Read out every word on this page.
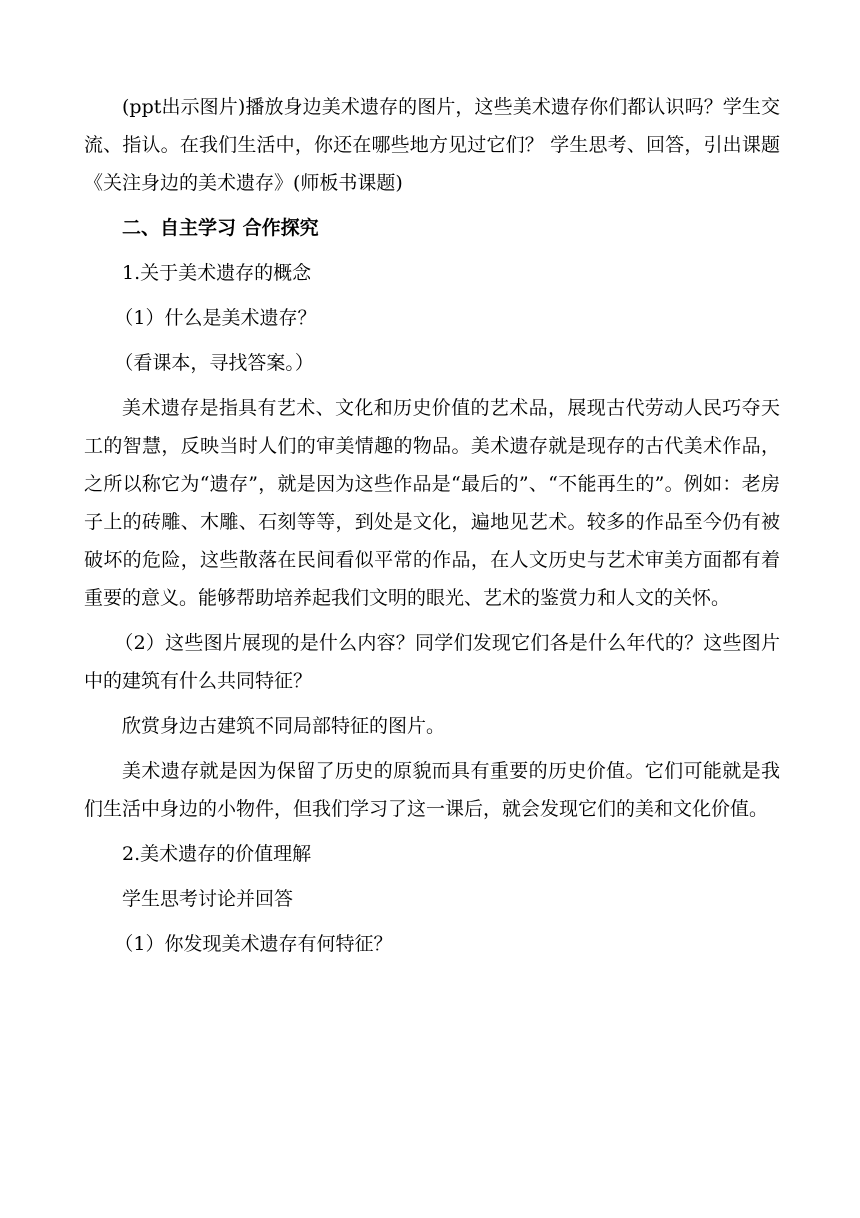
(ppt出示图片)播放身边美术遗存的图片，这些美术遗存你们都认识吗？学生交流、指认。在我们生活中，你还在哪些地方见过它们？ 学生思考、回答，引出课题《关注身边的美术遗存》(师板书课题)

二、自主学习 合作探究

1.关于美术遗存的概念

（1）什么是美术遗存？

（看课本，寻找答案。）

美术遗存是指具有艺术、文化和历史价值的艺术品，展现古代劳动人民巧夺天工的智慧，反映当时人们的审美情趣的物品。美术遗存就是现存的古代美术作品，之所以称它为“遗存”，就是因为这些作品是“最后的”、“不能再生的”。例如：老房子上的砖雕、木雕、石刻等等，到处是文化，遍地见艺术。较多的作品至今仍有被破坏的危险，这些散落在民间看似平常的作品，在人文历史与艺术审美方面都有着重要的意义。能够帮助培养起我们文明的眼光、艺术的鉴赏力和人文的关怀。

（2）这些图片展现的是什么内容？同学们发现它们各是什么年代的？这些图片中的建筑有什么共同特征？

欣赏身边古建筑不同局部特征的图片。

美术遗存就是因为保留了历史的原貌而具有重要的历史价值。它们可能就是我们生活中身边的小物件，但我们学习了这一课后，就会发现它们的美和文化价值。

2.美术遗存的价值理解

学生思考讨论并回答

（1）你发现美术遗存有何特征？
